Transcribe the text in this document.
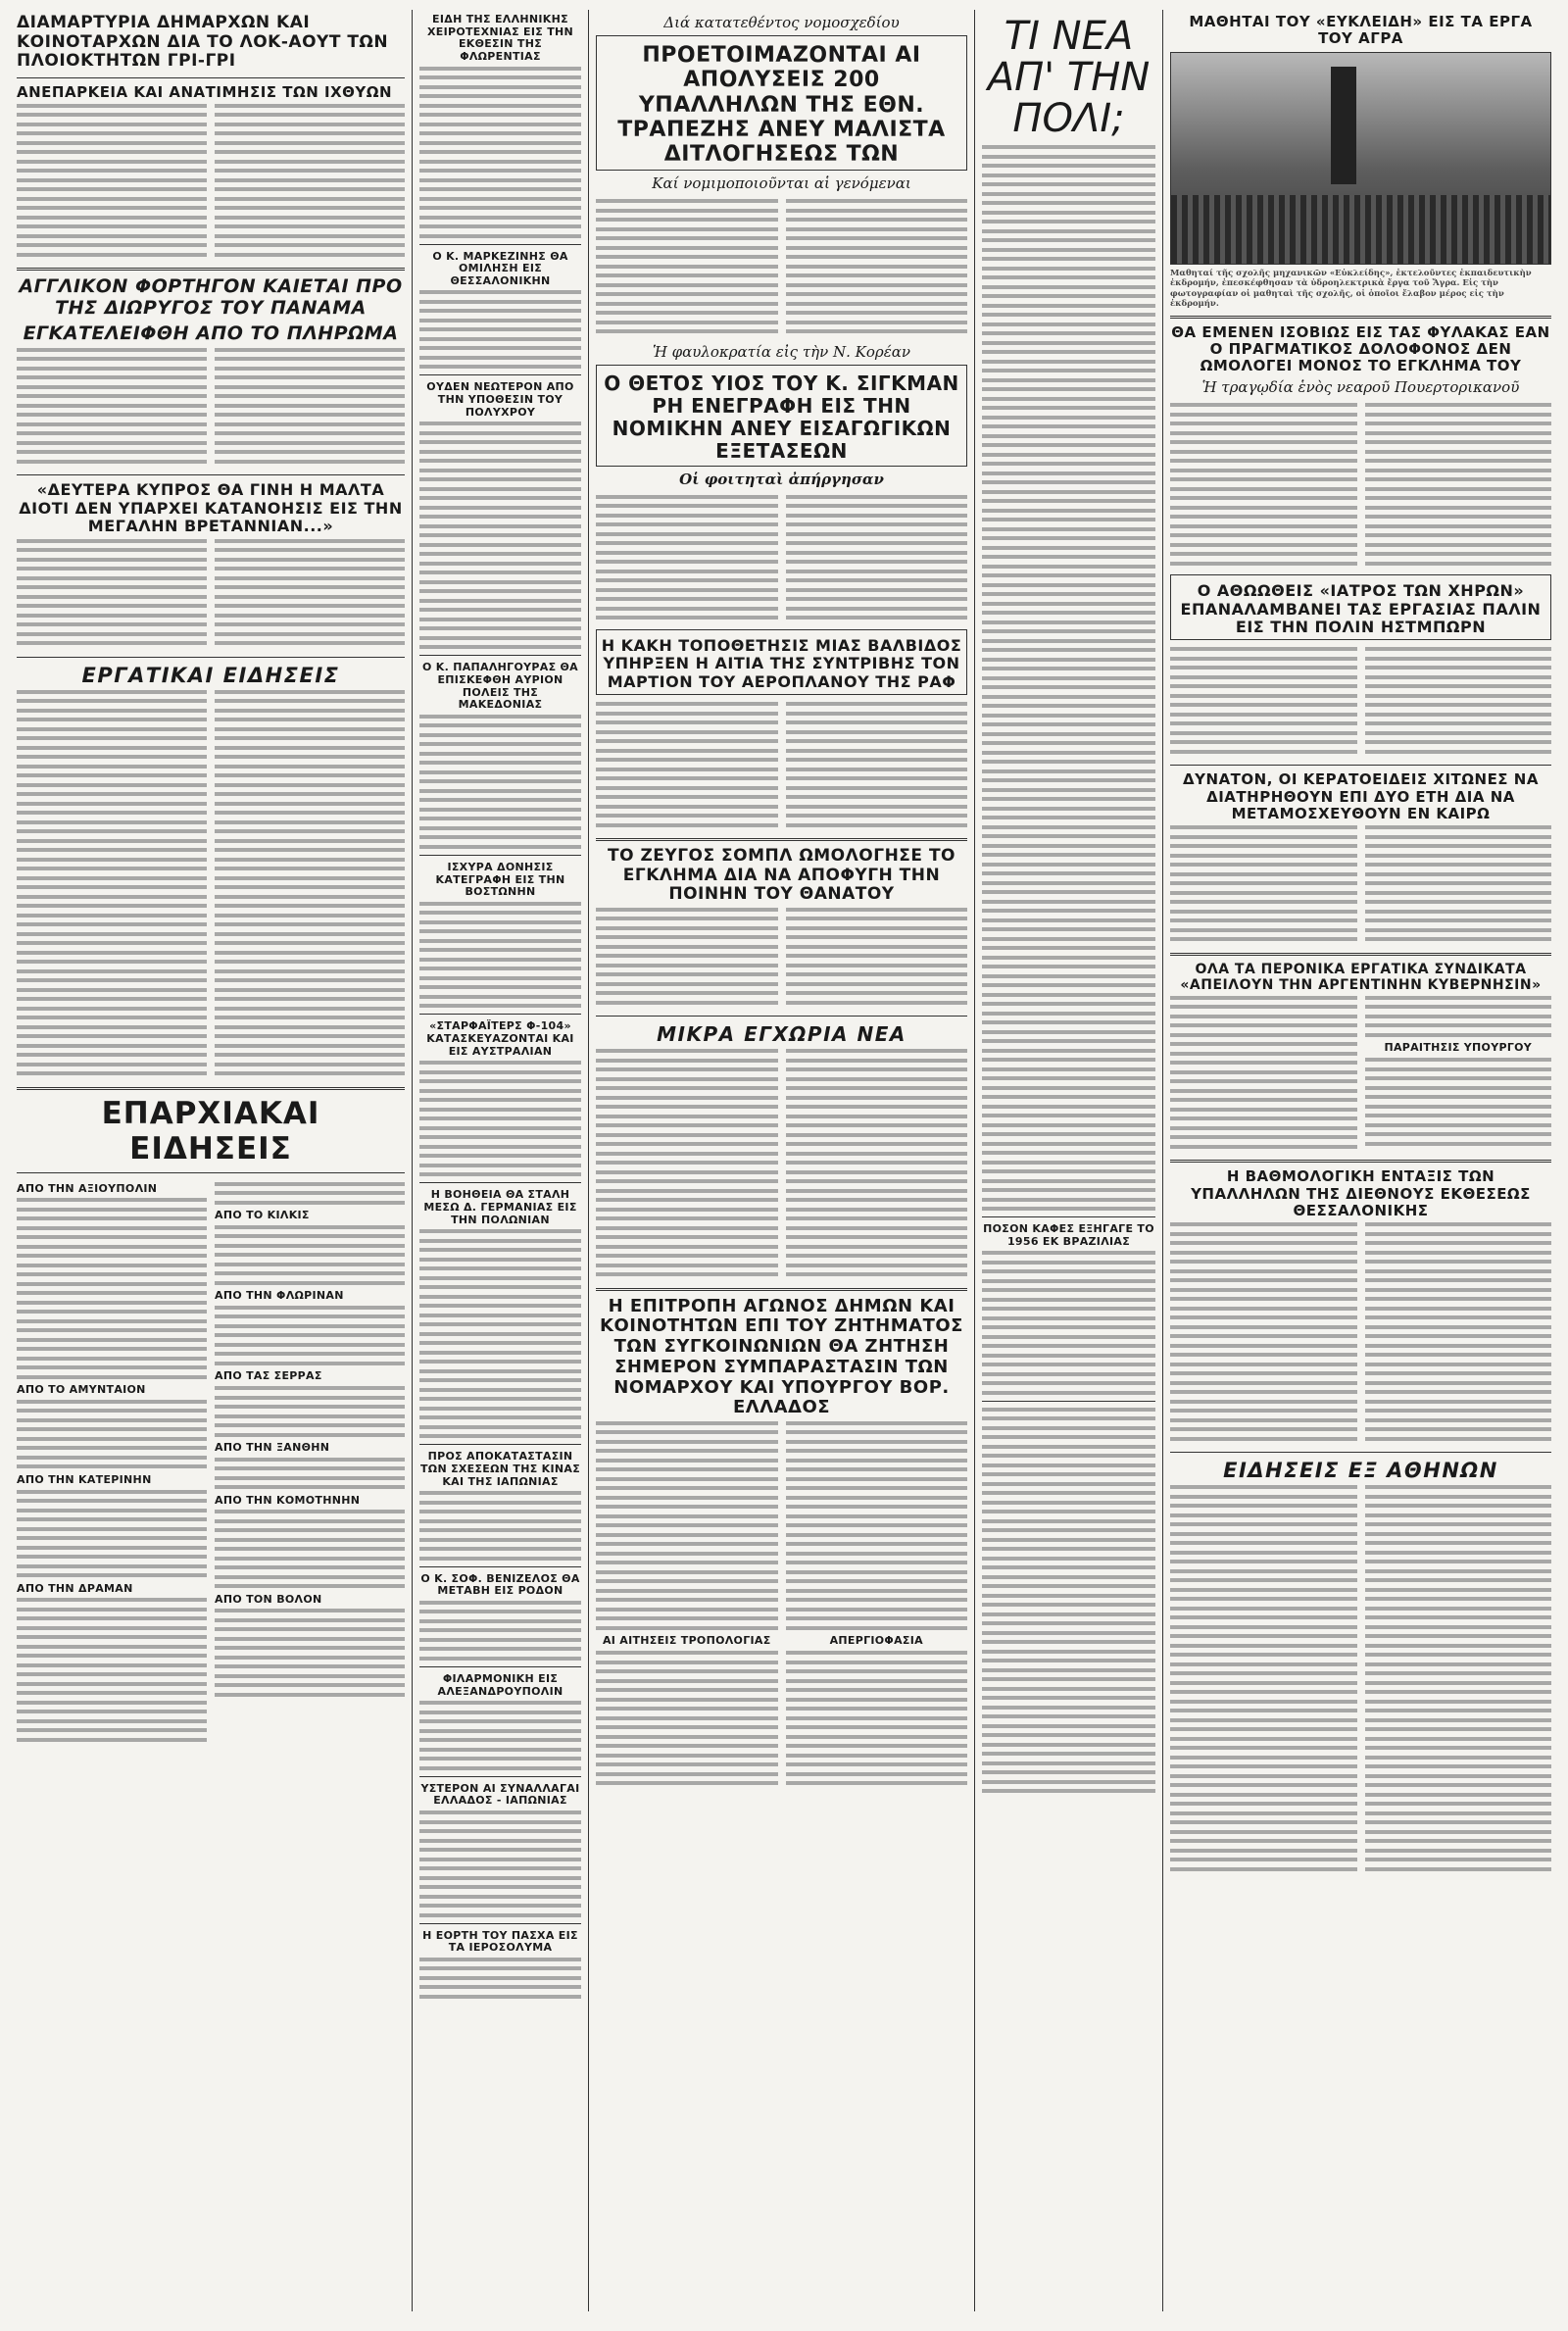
ΔΙΑΜΑΡΤΥΡΙΑ ΔΗΜΑΡΧΩΝ ΚΑΙ ΚΟΙΝΟΤΑΡΧΩΝ ΔΙΑ ΤΟ ΛΟΚ-ΑΟΥΤ ΤΩΝ ΠΛΟΙΟΚΤΗΤΩΝ ΓΡΙ-ΓΡΙ
ΑΝΕΠΑΡΚΕΙΑ ΚΑΙ ΑΝΑΤΙΜΗΣΙΣ ΤΩΝ ΙΧΘΥΩΝ
ΑΓΓΛΙΚΟΝ ΦΟΡΤΗΓΟΝ ΚΑΙΕΤΑΙ ΠΡΟ ΤΗΣ ΔΙΩΡΥΓΟΣ ΤΟΥ ΠΑΝΑΜΑ
ΕΓΚΑΤΕΛΕΙΦΘΗ ΑΠΟ ΤΟ ΠΛΗΡΩΜΑ
«ΔΕΥΤΕΡΑ ΚΥΠΡΟΣ ΘΑ ΓΙΝΗ Η ΜΑΛΤΑ ΔΙΟΤΙ ΔΕΝ ΥΠΑΡΧΕΙ ΚΑΤΑΝΟΗΣΙΣ ΕΙΣ ΤΗΝ ΜΕΓΑΛΗΝ ΒΡΕΤΑΝΝΙΑΝ...»
ΕΡΓΑΤΙΚΑΙ ΕΙΔΗΣΕΙΣ
ΕΠΑΡΧΙΑΚΑΙ ΕΙΔΗΣΕΙΣ
ΑΠΟ ΤΗΝ ΑΞΙΟΥΠΟΛΙΝ
ΑΠΟ ΤΟ ΑΜΥΝΤΑΙΟΝ
ΑΠΟ ΤΗΝ ΚΑΤΕΡΙΝΗΝ
ΑΠΟ ΤΗΝ ΔΡΑΜΑΝ
ΑΠΟ ΤΟ ΚΙΛΚΙΣ
ΑΠΟ ΤΗΝ ΦΛΩΡΙΝΑΝ
ΑΠΟ ΤΑΣ ΣΕΡΡΑΣ
ΑΠΟ ΤΗΝ ΞΑΝΘΗΝ
ΑΠΟ ΤΗΝ ΚΟΜΟΤΗΝΗΝ
ΑΠΟ ΤΟΝ ΒΟΛΟΝ
ΕΙΔΗ ΤΗΣ ΕΛΛΗΝΙΚΗΣ ΧΕΙΡΟΤΕΧΝΙΑΣ ΕΙΣ ΤΗΝ ΕΚΘΕΣΙΝ ΤΗΣ ΦΛΩΡΕΝΤΙΑΣ
Ο Κ. ΜΑΡΚΕΖΙΝΗΣ ΘΑ ΟΜΙΛΗΣΗ ΕΙΣ ΘΕΣΣΑΛΟΝΙΚΗΝ
ΟΥΔΕΝ ΝΕΩΤΕΡΟΝ ΑΠΟ ΤΗΝ ΥΠΟΘΕΣΙΝ ΤΟΥ ΠΟΛΥΧΡΟΥ
Ο Κ. ΠΑΠΑΛΗΓΟΥΡΑΣ ΘΑ ΕΠΙΣΚΕΦΘΗ ΑΥΡΙΟΝ ΠΟΛΕΙΣ ΤΗΣ ΜΑΚΕΔΟΝΙΑΣ
ΙΣΧΥΡΑ ΔΟΝΗΣΙΣ ΚΑΤΕΓΡΑΦΗ ΕΙΣ ΤΗΝ ΒΟΣΤΩΝΗΝ
«ΣΤΑΡΦΑΪΤΕΡΣ Φ-104» ΚΑΤΑΣΚΕΥΑΖΟΝΤΑΙ ΚΑΙ ΕΙΣ ΑΥΣΤΡΑΛΙΑΝ
Η ΒΟΗΘΕΙΑ ΘΑ ΣΤΑΛΗ ΜΕΣΩ Δ. ΓΕΡΜΑΝΙΑΣ ΕΙΣ ΤΗΝ ΠΟΛΩΝΙΑΝ
ΠΡΟΣ ΑΠΟΚΑΤΑΣΤΑΣΙΝ ΤΩΝ ΣΧΕΣΕΩΝ ΤΗΣ ΚΙΝΑΣ ΚΑΙ ΤΗΣ ΙΑΠΩΝΙΑΣ
Ο Κ. ΣΟΦ. ΒΕΝΙΖΕΛΟΣ ΘΑ ΜΕΤΑΒΗ ΕΙΣ ΡΟΔΟΝ
ΦΙΛΑΡΜΟΝΙΚΗ ΕΙΣ ΑΛΕΞΑΝΔΡΟΥΠΟΛΙΝ
ΥΣΤΕΡΟΝ ΑΙ ΣΥΝΑΛΛΑΓΑΙ ΕΛΛΑΔΟΣ - ΙΑΠΩΝΙΑΣ
Η ΕΟΡΤΗ ΤΟΥ ΠΑΣΧΑ ΕΙΣ ΤΑ ΙΕΡΟΣΟΛΥΜΑ
Διά κατατεθέντος νομοσχεδίου
ΠΡΟΕΤΟΙΜΑΖΟΝΤΑΙ ΑΙ ΑΠΟΛΥΣΕΙΣ 200 ΥΠΑΛΛΗΛΩΝ ΤΗΣ ΕΘΝ. ΤΡΑΠΕΖΗΣ ΑΝΕΥ ΜΑΛΙΣΤΑ ΔΙΤΛΟΓΗΣΕΩΣ ΤΩΝ
Καί νομιμοποιοῦνται αἱ γενόμεναι
Ἡ φαυλοκρατία εἰς τὴν Ν. Κορέαν
Ο ΘΕΤΟΣ ΥΙΟΣ ΤΟΥ Κ. ΣΙΓΚΜΑΝ ΡΗ ΕΝΕΓΡΑΦΗ ΕΙΣ ΤΗΝ ΝΟΜΙΚΗΝ ΑΝΕΥ ΕΙΣΑΓΩΓΙΚΩΝ ΕΞΕΤΑΣΕΩΝ
Οἱ φοιτηταὶ ἀπήργησαν
Η ΚΑΚΗ ΤΟΠΟΘΕΤΗΣΙΣ ΜΙΑΣ ΒΑΛΒΙΔΟΣ ΥΠΗΡΞΕΝ Η ΑΙΤΙΑ ΤΗΣ ΣΥΝΤΡΙΒΗΣ ΤΟΝ ΜΑΡΤΙΟΝ ΤΟΥ ΑΕΡΟΠΛΑΝΟΥ ΤΗΣ ΡΑΦ
ΤΟ ΖΕΥΓΟΣ ΣΟΜΠΛ ΩΜΟΛΟΓΗΣΕ ΤΟ ΕΓΚΛΗΜΑ ΔΙΑ ΝΑ ΑΠΟΦΥΓΗ ΤΗΝ ΠΟΙΝΗΝ ΤΟΥ ΘΑΝΑΤΟΥ
ΜΙΚΡΑ ΕΓΧΩΡΙΑ ΝΕΑ
Η ΕΠΙΤΡΟΠΗ ΑΓΩΝΟΣ ΔΗΜΩΝ ΚΑΙ ΚΟΙΝΟΤΗΤΩΝ ΕΠΙ ΤΟΥ ΖΗΤΗΜΑΤΟΣ ΤΩΝ ΣΥΓΚΟΙΝΩΝΙΩΝ ΘΑ ΖΗΤΗΣΗ ΣΗΜΕΡΟΝ ΣΥΜΠΑΡΑΣΤΑΣΙΝ ΤΩΝ ΝΟΜΑΡΧΟΥ ΚΑΙ ΥΠΟΥΡΓΟΥ ΒΟΡ. ΕΛΛΑΔΟΣ
ΑΙ ΑΙΤΗΣΕΙΣ ΤΡΟΠΟΛΟΓΙΑΣ	ΑΠΕΡΓΙΟΦΑΣΙΑ
ΤΙ ΝΕΑ ΑΠ' ΤΗΝ ΠΟΛΙ;
ΠΟΣΟΝ ΚΑΦΕΣ ΕΞΗΓΑΓΕ ΤΟ 1956 ΕΚ ΒΡΑΖΙΛΙΑΣ
ΜΑΘΗΤΑΙ ΤΟΥ «ΕΥΚΛΕΙΔΗ» ΕΙΣ ΤΑ ΕΡΓΑ ΤΟΥ ΑΓΡΑ
Μαθηταί τῆς σχολῆς μηχανικῶν «Εὐκλείδης», ἐκτελοῦντες ἐκπαιδευτικὴν ἐκδρομήν, ἐπεσκέφθησαν τὰ ὑδροηλεκτρικὰ ἔργα τοῦ Ἄγρα. Εἰς τὴν φωτογραφίαν οἱ μαθηταὶ τῆς σχολῆς, οἱ ὁποῖοι ἔλαβον μέρος εἰς τὴν ἐκδρομήν.
ΘΑ ΕΜΕΝΕΝ ΙΣΟΒΙΩΣ ΕΙΣ ΤΑΣ ΦΥΛΑΚΑΣ ΕΑΝ Ο ΠΡΑΓΜΑΤΙΚΟΣ ΔΟΛΟΦΟΝΟΣ ΔΕΝ ΩΜΟΛΟΓΕΙ ΜΟΝΟΣ ΤΟ ΕΓΚΛΗΜΑ ΤΟΥ
Ἡ τραγῳδία ἑνὸς νεαροῦ Πουερτορικανοῦ
Ο ΑΘΩΩΘΕΙΣ «ΙΑΤΡΟΣ ΤΩΝ ΧΗΡΩΝ» ΕΠΑΝΑΛΑΜΒΑΝΕΙ ΤΑΣ ΕΡΓΑΣΙΑΣ ΠΑΛΙΝ ΕΙΣ ΤΗΝ ΠΟΛΙΝ ΗΣΤΜΠΩΡΝ
ΔΥΝΑΤΟΝ, ΟΙ ΚΕΡΑΤΟΕΙΔΕΙΣ ΧΙΤΩΝΕΣ ΝΑ ΔΙΑΤΗΡΗΘΟΥΝ ΕΠΙ ΔΥΟ ΕΤΗ ΔΙΑ ΝΑ ΜΕΤΑΜΟΣΧΕΥΘΟΥΝ ΕΝ ΚΑΙΡΩ
ΟΛΑ ΤΑ ΠΕΡΟΝΙΚΑ ΕΡΓΑΤΙΚΑ ΣΥΝΔΙΚΑΤΑ «ΑΠΕΙΛΟΥΝ ΤΗΝ ΑΡΓΕΝΤΙΝΗΝ ΚΥΒΕΡΝΗΣΙΝ»
ΠΑΡΑΙΤΗΣΙΣ ΥΠΟΥΡΓΟΥ
Η ΒΑΘΜΟΛΟΓΙΚΗ ΕΝΤΑΞΙΣ ΤΩΝ ΥΠΑΛΛΗΛΩΝ ΤΗΣ ΔΙΕΘΝΟΥΣ ΕΚΘΕΣΕΩΣ ΘΕΣΣΑΛΟΝΙΚΗΣ
ΕΙΔΗΣΕΙΣ ΕΞ ΑΘΗΝΩΝ
